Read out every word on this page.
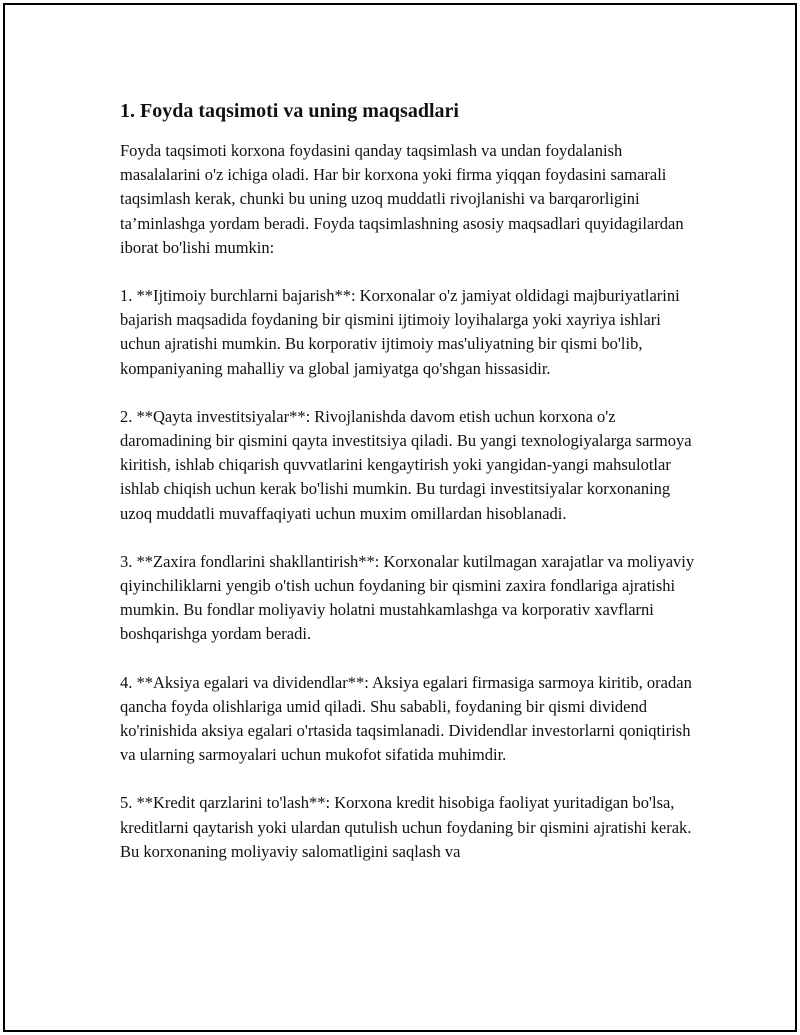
1. Foyda taqsimoti va uning maqsadlari

Foyda taqsimoti korxona foydasini qanday taqsimlash va undan foydalanish masalalarini o'z ichiga oladi. Har bir korxona yoki firma yiqqan foydasini samarali taqsimlash kerak, chunki bu uning uzoq muddatli rivojlanishi va barqarorligini ta’minlashga yordam beradi. Foyda taqsimlashning asosiy maqsadlari quyidagilardan iborat bo'lishi mumkin:

1. **Ijtimoiy burchlarni bajarish**: Korxonalar o'z jamiyat oldidagi majburiyatlarini bajarish maqsadida foydaning bir qismini ijtimoiy loyihalarga yoki xayriya ishlari uchun ajratishi mumkin. Bu korporativ ijtimoiy mas'uliyatning bir qismi bo'lib, kompaniyaning mahalliy va global jamiyatga qo'shgan hissasidir.

2. **Qayta investitsiyalar**: Rivojlanishda davom etish uchun korxona o'z daromadining bir qismini qayta investitsiya qiladi. Bu yangi texnologiyalarga sarmoya kiritish, ishlab chiqarish quvvatlarini kengaytirish yoki yangidan-yangi mahsulotlar ishlab chiqish uchun kerak bo'lishi mumkin. Bu turdagi investitsiyalar korxonaning uzoq muddatli muvaffaqiyati uchun muxim omillardan hisoblanadi.

3. **Zaxira fondlarini shakllantirish**: Korxonalar kutilmagan xarajatlar va moliyaviy qiyinchiliklarni yengib o'tish uchun foydaning bir qismini zaxira fondlariga ajratishi mumkin. Bu fondlar moliyaviy holatni mustahkamlashga va korporativ xavflarni boshqarishga yordam beradi.

4. **Aksiya egalari va dividendlar**: Aksiya egalari firmasiga sarmoya kiritib, oradan qancha foyda olishlariga umid qiladi. Shu sababli, foydaning bir qismi dividend ko'rinishida aksiya egalari o'rtasida taqsimlanadi. Dividendlar investorlarni qoniqtirish va ularning sarmoyalari uchun mukofot sifatida muhimdir.

5. **Kredit qarzlarini to'lash**: Korxona kredit hisobiga faoliyat yuritadigan bo'lsa, kreditlarni qaytarish yoki ulardan qutulish uchun foydaning bir qismini ajratishi kerak. Bu korxonaning moliyaviy salomatligini saqlash va
